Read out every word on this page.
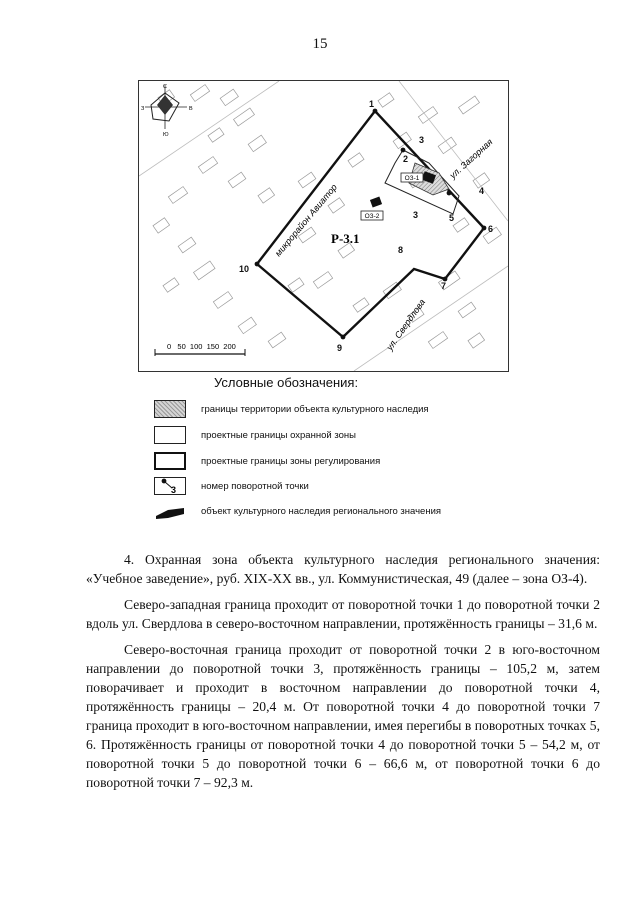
15
ОЗ-1
ОЗ-2
1
2
3
3
4
5
6
7
8
9
10
Р-3.1
микрорайон Авиатор
ул. Загорная
ул. Свердлова
С
З	В
Ю
0   50  100  150  200
Условные обозначения:
границы территории объекта культурного наследия
проектные границы охранной зоны
проектные границы зоны регулирования
3	номер поворотной точки
объект культурного наследия регионального значения

4. Охранная зона объекта культурного наследия регионального значения: «Учебное заведение», руб. XIX-XX вв., ул. Коммунистическая, 49 (далее – зона ОЗ-4).

Северо-западная граница проходит от поворотной точки 1 до поворотной точки 2 вдоль ул. Свердлова в северо-восточном направлении, протяжённость границы – 31,6 м.

Северо-восточная граница проходит от поворотной точки 2 в юго-восточном направлении до поворотной точки 3, протяжённость границы – 105,2 м, затем поворачивает и проходит в восточном направлении до поворотной точки 4, протяжённость границы – 20,4 м. От поворотной точки 4 до поворотной точки 7 граница проходит в юго-восточном направлении, имея перегибы в поворотных точках 5, 6. Протяжённость границы от поворотной точки 4 до поворотной точки 5 – 54,2 м, от поворотной точки 5 до поворотной точки 6 – 66,6 м, от поворотной точки 6 до поворотной точки 7 – 92,3 м.
